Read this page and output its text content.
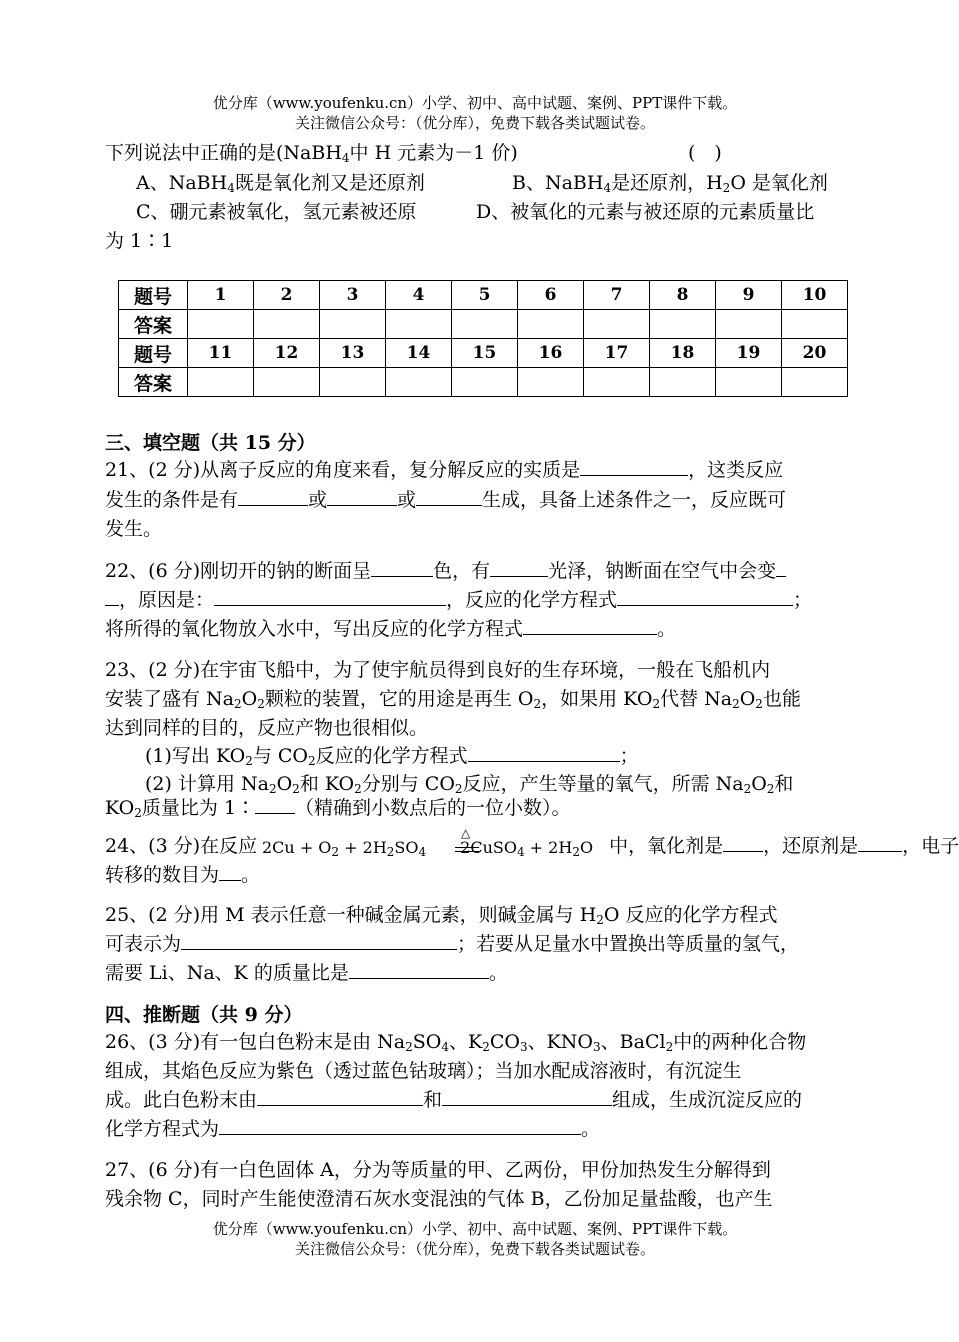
优分库（www.youfenku.cn）小学、初中、高中试题、案例、PPT课件下载。
关注微信公众号：（优分库），免费下载各类试题试卷。
下列说法中正确的是(NaBH$_4$中 H 元素为－1 价)	(　)
A、NaBH$_4$既是氧化剂又是还原剂	B、NaBH$_4$是还原剂，$H_2O$ 是氧化剂
C、硼元素被氧化，氢元素被还原	D、被氧化的元素与被还原的元素质量比
为 1∶1
题号	1	2	3	4	5	6	7	8	9	10
答案										
题号	11	12	13	14	15	16	17	18	19	20
答案										
三、填空题（共 15 分）
21、(2 分)从离子反应的角度来看，复分解反应的实质是	，这类反应
发生的条件是有	或	或	生成，具备上述条件之一，反应既可
发生。
22、(6 分)刚切开的钠的断面呈	色，有	光泽，钠断面在空气中会变
，原因是：	，反应的化学方程式	；
将所得的氧化物放入水中，写出反应的化学方程式	。
23、(2 分)在宇宙飞船中，为了使宇航员得到良好的生存环境，一般在飞船机内
安装了盛有 $Na_2O_2$颗粒的装置，它的用途是再生 $O_2$，如果用 $KO_2$代替 $Na_2O_2$也能
达到同样的目的，反应产物也很相似。
(1)写出 $KO_2$与 $CO_2$反应的化学方程式	；
(2) 计算用 $Na_2O_2$和 $KO_2$分别与 $CO_2$反应，产生等量的氧气，所需 $Na_2O_2$和
$KO_2$质量比为 1∶ （精确到小数点后的一位小数）。
24、(3 分)在反应	中，氧化剂是 ，还原剂是 ，电子
△
$2Cu + O_2 + 2H_2SO_4$ 2CuSO$_4$ + $2H_2O$
转移的数目为 。
25、(2 分)用 M 表示任意一种碱金属元素，则碱金属与 $H_2O$ 反应的化学方程式
可表示为	；若要从足量水中置换出等质量的氢气，
需要 Li、Na、K 的质量比是	。
四、推断题（共 9 分）
26、(3 分)有一包白色粉末是由 $Na_2SO_4$、$K_2CO_3$、$KNO_3$、BaCl$_2$中的两种化合物
组成，其焰色反应为紫色（透过蓝色钴玻璃）；当加水配成溶液时，有沉淀生
成。此白色粉末由	和	组成，生成沉淀反应的
化学方程式为	。
27、(6 分)有一白色固体 A，分为等质量的甲、乙两份，甲份加热发生分解得到
残余物 C，同时产生能使澄清石灰水变混浊的气体 B，乙份加足量盐酸，也产生
优分库（www.youfenku.cn）小学、初中、高中试题、案例、PPT课件下载。
关注微信公众号：（优分库），免费下载各类试题试卷。
